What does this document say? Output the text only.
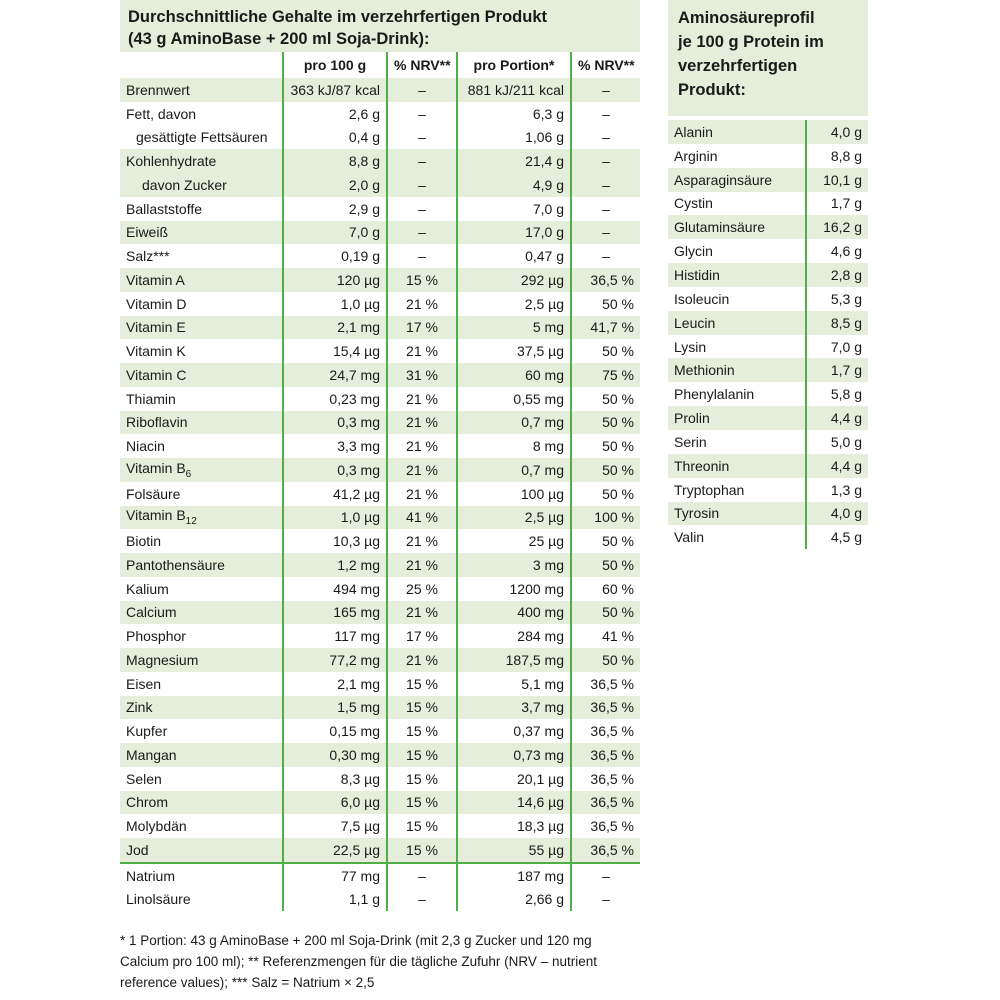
Durchschnittliche Gehalte im verzehrfertigen Produkt
(43 g AminoBase + 200 ml Soja-Drink):
	pro 100 g	% NRV**	pro Portion*	% NRV**
Brennwert	363 kJ/87 kcal	–	881 kJ/211 kcal	–
Fett, davon	2,6 g	–	6,3 g	–
gesättigte Fettsäuren	0,4 g	–	1,06 g	–
Kohlenhydrate	8,8 g	–	21,4 g	–
davon Zucker	2,0 g	–	4,9 g	–
Ballaststoffe	2,9 g	–	7,0 g	–
Eiweiß	7,0 g	–	17,0 g	–
Salz***	0,19 g	–	0,47 g	–
Vitamin A	120 µg	15 %	292 µg	36,5 %
Vitamin D	1,0 µg	21 %	2,5 µg	50 %
Vitamin E	2,1 mg	17 %	5 mg	41,7 %
Vitamin K	15,4 µg	21 %	37,5 µg	50 %
Vitamin C	24,7 mg	31 %	60 mg	75 %
Thiamin	0,23 mg	21 %	0,55 mg	50 %
Riboflavin	0,3 mg	21 %	0,7 mg	50 %
Niacin	3,3 mg	21 %	8 mg	50 %
Vitamin $B_6$	0,3 mg	21 %	0,7 mg	50 %
Folsäure	41,2 µg	21 %	100 µg	50 %
Vitamin $B_{12}$	1,0 µg	41 %	2,5 µg	100 %
Biotin	10,3 µg	21 %	25 µg	50 %
Pantothensäure	1,2 mg	21 %	3 mg	50 %
Kalium	494 mg	25 %	1200 mg	60 %
Calcium	165 mg	21 %	400 mg	50 %
Phosphor	117 mg	17 %	284 mg	41 %
Magnesium	77,2 mg	21 %	187,5 mg	50 %
Eisen	2,1 mg	15 %	5,1 mg	36,5 %
Zink	1,5 mg	15 %	3,7 mg	36,5 %
Kupfer	0,15 mg	15 %	0,37 mg	36,5 %
Mangan	0,30 mg	15 %	0,73 mg	36,5 %
Selen	8,3 µg	15 %	20,1 µg	36,5 %
Chrom	6,0 µg	15 %	14,6 µg	36,5 %
Molybdän	7,5 µg	15 %	18,3 µg	36,5 %
Jod	22,5 µg	15 %	55 µg	36,5 %
Natrium	77 mg	–	187 mg	–
Linolsäure	1,1 g	–	2,66 g	–
* 1 Portion: 43 g AminoBase + 200 ml Soja-Drink (mit 2,3 g Zucker und 120 mg
Calcium pro 100 ml); ** Referenzmengen für die tägliche Zufuhr (NRV – nutrient
reference values); *** Salz = Natrium × 2,5
Aminosäureprofil
je 100 g Protein im
verzehrfertigen
Produkt:
Alanin	4,0 g
Arginin	8,8 g
Asparaginsäure	10,1 g
Cystin	1,7 g
Glutaminsäure	16,2 g
Glycin	4,6 g
Histidin	2,8 g
Isoleucin	5,3 g
Leucin	8,5 g
Lysin	7,0 g
Methionin	1,7 g
Phenylalanin	5,8 g
Prolin	4,4 g
Serin	5,0 g
Threonin	4,4 g
Tryptophan	1,3 g
Tyrosin	4,0 g
Valin	4,5 g
